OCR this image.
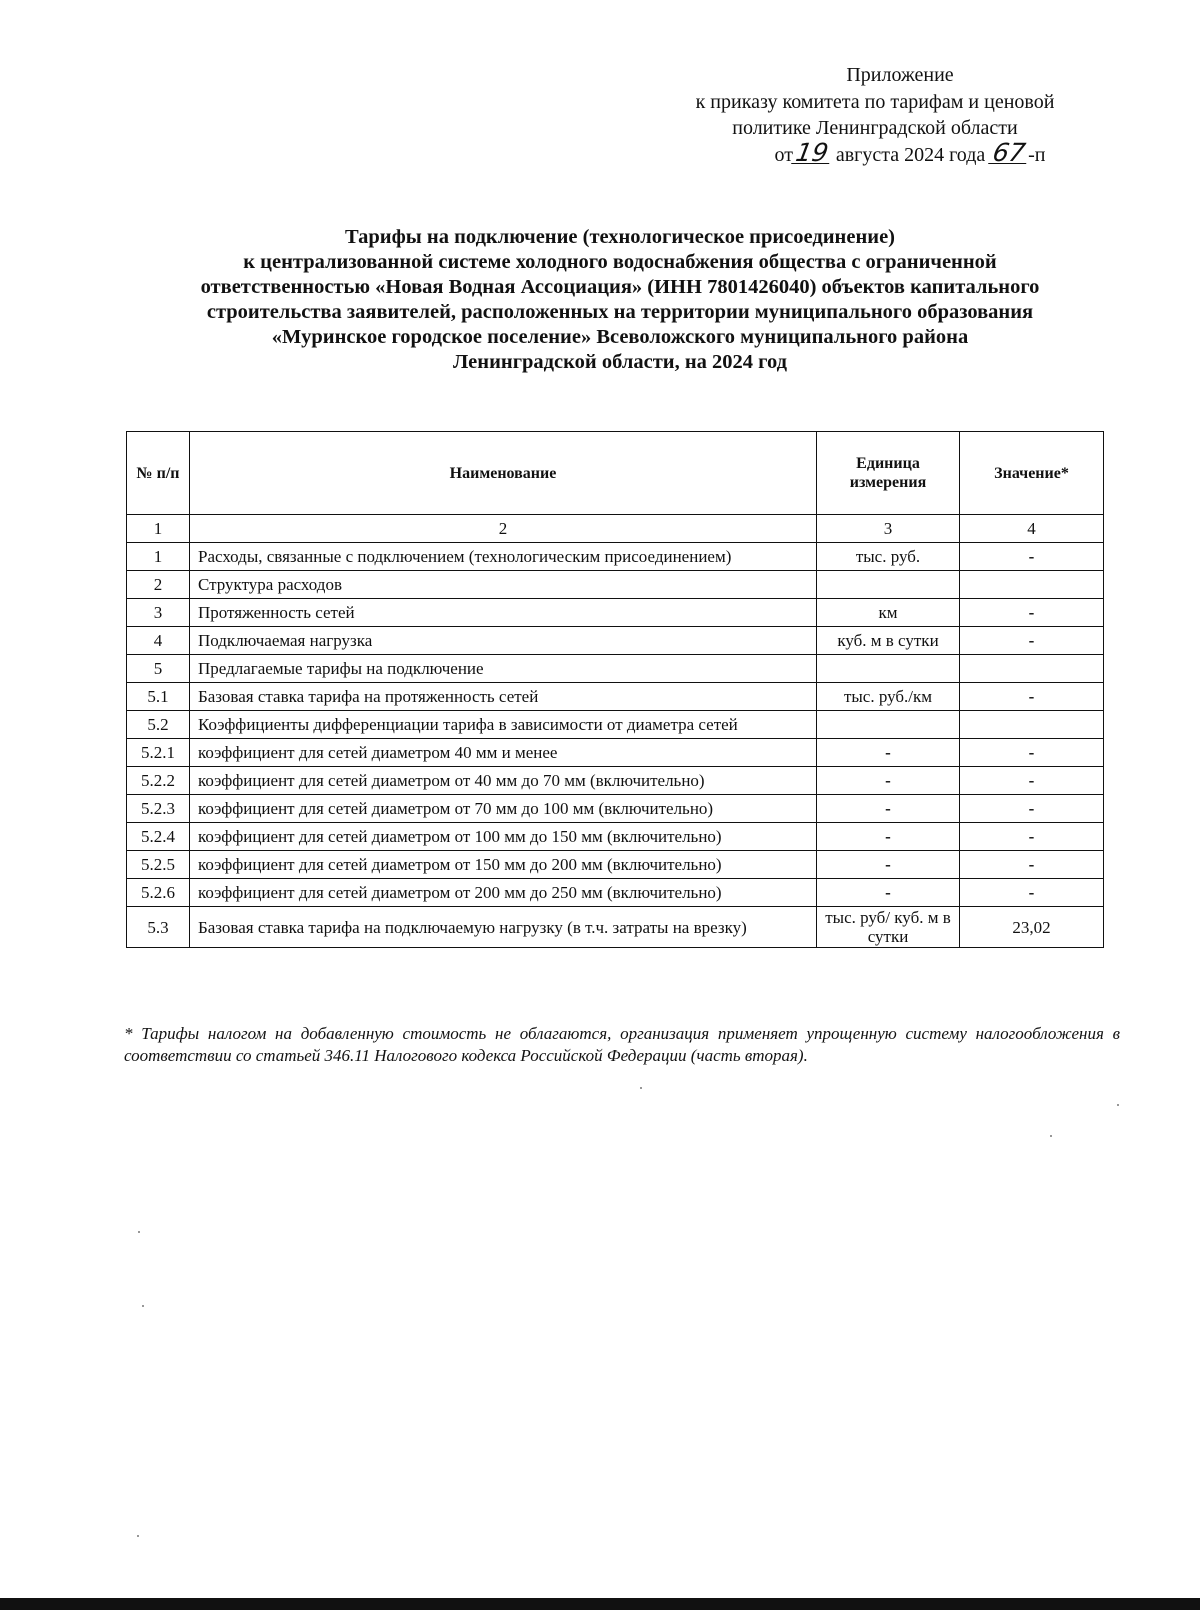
Приложение
к приказу комитета по тарифам и ценовой
политике Ленинградской области
от19 августа 2024 года 67-п
Тарифы на подключение (технологическое присоединение)
к централизованной системе холодного водоснабжения общества с ограниченной
ответственностью «Новая Водная Ассоциация» (ИНН 7801426040) объектов капитального
строительства заявителей, расположенных на территории муниципального образования
«Муринское городское поселение» Всеволожского муниципального района
Ленинградской области, на 2024 год
№ п/п	Наименование	Единица измерения	Значение*
1	2	3	4
1	Расходы, связанные с подключением (технологическим присоединением)	тыс. руб.	-
2	Структура расходов		
3	Протяженность сетей	км	-
4	Подключаемая нагрузка	куб. м в сутки	-
5	Предлагаемые тарифы на подключение		
5.1	Базовая ставка тарифа на протяженность сетей	тыс. руб./км	-
5.2	Коэффициенты дифференциации тарифа в зависимости от диаметра сетей		
5.2.1	коэффициент для сетей диаметром 40 мм и менее	-	-
5.2.2	коэффициент для сетей диаметром от 40 мм до 70 мм (включительно)	-	-
5.2.3	коэффициент для сетей диаметром от 70 мм до 100 мм (включительно)	-	-
5.2.4	коэффициент для сетей диаметром от 100 мм до 150 мм (включительно)	-	-
5.2.5	коэффициент для сетей диаметром от 150 мм до 200 мм (включительно)	-	-
5.2.6	коэффициент для сетей диаметром от 200 мм до 250 мм (включительно)	-	-
5.3	Базовая ставка тарифа на подключаемую нагрузку (в т.ч. затраты на врезку)	тыс. руб/ куб. м в сутки	23,02
* Тарифы налогом на добавленную стоимость не облагаются, организация применяет упрощенную систему налогообложения в соответствии со статьей 346.11 Налогового кодекса Российской Федерации (часть вторая).
